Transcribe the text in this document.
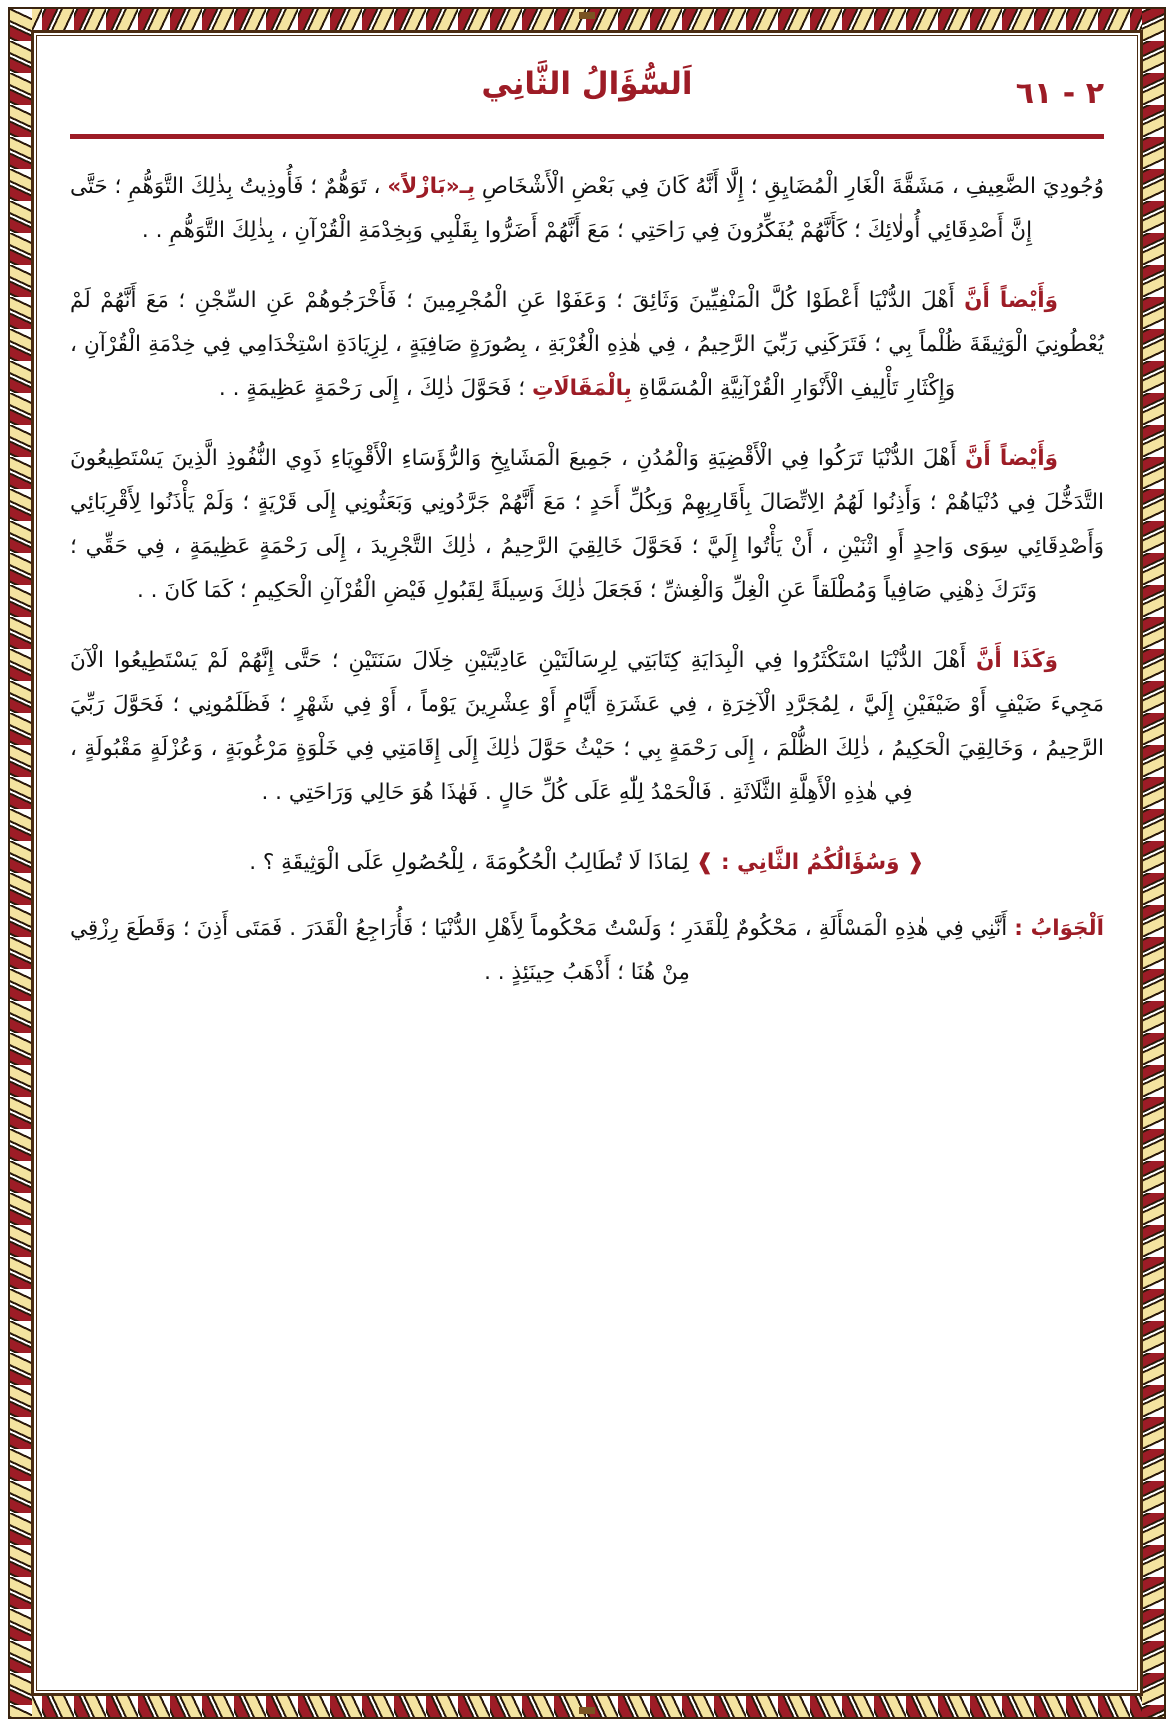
٢ - ٦١
اَلسُّؤَالُ الثَّانِي

وُجُودِيَ الضَّعِيفِ ، مَشَقَّةَ الْغَارِ الْمُضَايِقِ ؛ إِلَّا أَنَّهُ كَانَ فِي بَعْضِ الْأَشْخَاصِ بِـ«بَازْلاً» ، تَوَهُّمٌ ؛ فَأُوذِيتُ بِذٰلِكَ التَّوَهُّمِ ؛ حَتَّى إِنَّ أَصْدِقَائِي أُولٰائِكَ ؛ كَأَنَّهُمْ يُفَكِّرُونَ فِي رَاحَتِي ؛ مَعَ أَنَّهُمْ أَضَرُّوا بِقَلْبِي وَبِخِدْمَةِ الْقُرْآنِ ، بِذٰلِكَ التَّوَهُّمِ . .

وَأَيْضاً أَنَّ أَهْلَ الدُّنْيَا أَعْطَوْا كُلَّ الْمَنْفِيِّينَ وَثَائِقَ ؛ وَعَفَوْا عَنِ الْمُجْرِمِينَ ؛ فَأَخْرَجُوهُمْ عَنِ السِّجْنِ ؛ مَعَ أَنَّهُمْ لَمْ يُعْطُونِيَ الْوَثِيقَةَ ظُلْماً بِي ؛ فَتَرَكَنِي رَبِّيَ الرَّحِيمُ ، فِي هٰذِهِ الْغُرْبَةِ ، بِصُورَةٍ صَافِيَةٍ ، لِزِيَادَةِ اسْتِخْدَامِي فِي خِدْمَةِ الْقُرْآنِ ، وَإِكْثَارِ تَأْلِيفِ الْأَنْوَارِ الْقُرْآنِيَّةِ الْمُسَمَّاةِ بِالْمَقَالَاتِ ؛ فَحَوَّلَ ذٰلِكَ ، إِلَى رَحْمَةٍ عَظِيمَةٍ . .

وَأَيْضاً أَنَّ أَهْلَ الدُّنْيَا تَرَكُوا فِي الْأَقْضِيَةِ وَالْمُدُنِ ، جَمِيعَ الْمَشَايِخِ وَالرُّؤَسَاءِ الْأَقْوِيَاءِ ذَوِي النُّفُوذِ الَّذِينَ يَسْتَطِيعُونَ التَّدَخُّلَ فِي دُنْيَاهُمْ ؛ وَأَذِنُوا لَهُمُ الِاتِّصَالَ بِأَقَارِبِهِمْ وَبِكُلِّ أَحَدٍ ؛ مَعَ أَنَّهُمْ جَرَّدُونِي وَبَعَثُونِي إِلَى قَرْيَةٍ ؛ وَلَمْ يَأْذَنُوا لِأَقْرِبَائِي وَأَصْدِقَائِي سِوَى وَاحِدٍ أَوِ اثْنَيْنِ ، أَنْ يَأْتُوا إِلَيَّ ؛ فَحَوَّلَ خَالِقِيَ الرَّحِيمُ ، ذٰلِكَ التَّجْرِيدَ ، إِلَى رَحْمَةٍ عَظِيمَةٍ ، فِي حَقِّي ؛ وَتَرَكَ ذِهْنِي صَافِياً وَمُطْلَقاً عَنِ الْغِلِّ وَالْغِشِّ ؛ فَجَعَلَ ذٰلِكَ وَسِيلَةً لِقَبُولِ فَيْضِ الْقُرْآنِ الْحَكِيمِ ؛ كَمَا كَانَ . .

وَكَذَا أَنَّ أَهْلَ الدُّنْيَا اسْتَكْثَرُوا فِي الْبِدَايَةِ كِتَابَتِي لِرِسَالَتَيْنِ عَادِيَّتَيْنِ خِلَالَ سَنَتَيْنِ ؛ حَتَّى إِنَّهُمْ لَمْ يَسْتَطِيعُوا الْآنَ مَجِيءَ ضَيْفٍ أَوْ ضَيْفَيْنِ إِلَيَّ ، لِمُجَرَّدِ الْآخِرَةِ ، فِي عَشَرَةِ أَيَّامٍ أَوْ عِشْرِينَ يَوْماً ، أَوْ فِي شَهْرٍ ؛ فَظَلَمُونِي ؛ فَحَوَّلَ رَبِّيَ الرَّحِيمُ ، وَخَالِقِيَ الْحَكِيمُ ، ذٰلِكَ الظُّلْمَ ، إِلَى رَحْمَةٍ بِي ؛ حَيْثُ حَوَّلَ ذٰلِكَ إِلَى إِقَامَتِي فِي خَلْوَةٍ مَرْغُوبَةٍ ، وَعُزْلَةٍ مَقْبُولَةٍ ، فِي هٰذِهِ الْأَهِلَّةِ الثَّلَاثَةِ . فَالْحَمْدُ لِلّٰهِ عَلَى كُلِّ حَالٍ . فَهٰذَا هُوَ حَالِي وَرَاحَتِي . .

❰ وَسُؤَالُكُمُ الثَّانِي : ❱ لِمَاذَا لَا تُطَالِبُ الْحُكُومَةَ ، لِلْحُصُولِ عَلَى الْوَثِيقَةِ ؟ .

اَلْجَوَابُ : أَنَّنِي فِي هٰذِهِ الْمَسْأَلَةِ ، مَحْكُومٌ لِلْقَدَرِ ؛ وَلَسْتُ مَحْكُوماً لِأَهْلِ الدُّنْيَا ؛ فَأُرَاجِعُ الْقَدَرَ . فَمَتَى أَذِنَ ؛ وَقَطَعَ رِزْقِي مِنْ هُنَا ؛ أَذْهَبُ حِينَئِذٍ . .
